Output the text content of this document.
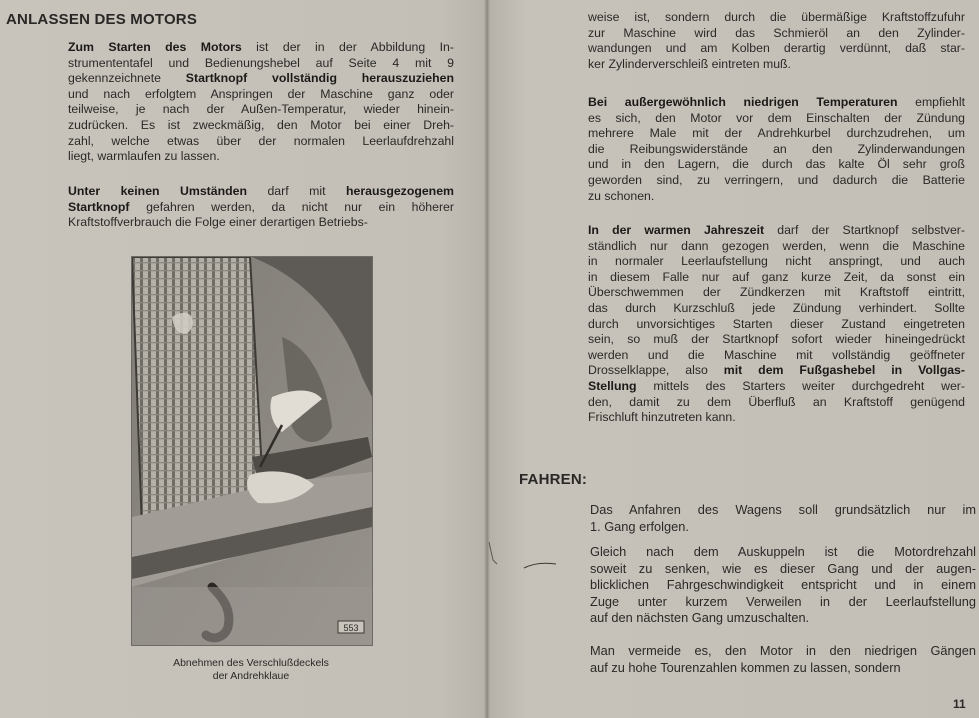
ANLASSEN DES MOTORS
Zum Starten des Motors ist der in der Abbildung In-
strumententafel und Bedienungshebel auf Seite 4 mit 9
gekennzeichnete Startknopf vollständig herauszuziehen
und nach erfolgtem Anspringen der Maschine ganz oder
teilweise, je nach der Außen-Temperatur, wieder hinein-
zudrücken. Es ist zweckmäßig, den Motor bei einer Dreh-
zahl, welche etwas über der normalen Leerlaufdrehzahl
liegt, warmlaufen zu lassen.
Unter keinen Umständen darf mit herausgezogenem
Startknopf gefahren werden, da nicht nur ein höherer
Kraftstoffverbrauch die Folge einer derartigen Betriebs-
553
Abnehmen des Verschlußdeckels
der Andrehklaue
weise ist, sondern durch die übermäßige Kraftstoffzufuhr
zur Maschine wird das Schmieröl an den Zylinder-
wandungen und am Kolben derartig verdünnt, daß star-
ker Zylinderverschleiß eintreten muß.
Bei außergewöhnlich niedrigen Temperaturen empfiehlt
es sich, den Motor vor dem Einschalten der Zündung
mehrere Male mit der Andrehkurbel durchzudrehen, um
die Reibungswiderstände an den Zylinderwandungen
und in den Lagern, die durch das kalte Öl sehr groß
geworden sind, zu verringern, und dadurch die Batterie
zu schonen.
In der warmen Jahreszeit darf der Startknopf selbstver-
ständlich nur dann gezogen werden, wenn die Maschine
in normaler Leerlaufstellung nicht anspringt, und auch
in diesem Falle nur auf ganz kurze Zeit, da sonst ein
Überschwemmen der Zündkerzen mit Kraftstoff eintritt,
das durch Kurzschluß jede Zündung verhindert. Sollte
durch unvorsichtiges Starten dieser Zustand eingetreten
sein, so muß der Startknopf sofort wieder hineingedrückt
werden und die Maschine mit vollständig geöffneter
Drosselklappe, also mit dem Fußgashebel in Vollgas-
Stellung mittels des Starters weiter durchgedreht wer-
den, damit zu dem Überfluß an Kraftstoff genügend
Frischluft hinzutreten kann.
FAHREN:
Das Anfahren des Wagens soll grundsätzlich nur im
1. Gang erfolgen.
Gleich nach dem Auskuppeln ist die Motordrehzahl
soweit zu senken, wie es dieser Gang und der augen-
blicklichen Fahrgeschwindigkeit entspricht und in einem
Zuge unter kurzem Verweilen in der Leerlaufstellung
auf den nächsten Gang umzuschalten.
Man vermeide es, den Motor in den niedrigen Gängen
auf zu hohe Tourenzahlen kommen zu lassen, sondern
11
